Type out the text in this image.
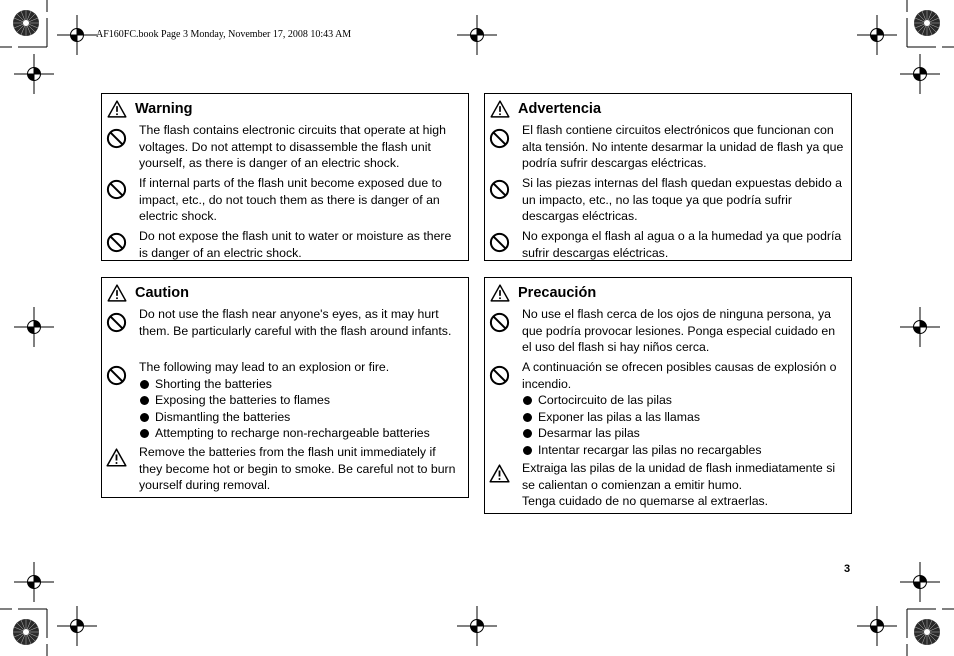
AF160FC.book Page 3 Monday, November 17, 2008 10:43 AM
Warning
The flash contains electronic circuits that operate at high voltages. Do not attempt to disassemble the flash unit yourself, as there is danger of an electric shock.
If internal parts of the flash unit become exposed due to impact, etc., do not touch them as there is danger of an electric shock.
Do not expose the flash unit to water or moisture as there is danger of an electric shock.
Advertencia
El flash contiene circuitos electrónicos que funcionan con alta tensión. No intente desarmar la unidad de flash ya que podría sufrir descargas eléctricas.
Si las piezas internas del flash quedan expuestas debido a un impacto, etc., no las toque ya que podría sufrir descargas eléctricas.
No exponga el flash al agua o a la humedad ya que podría sufrir descargas eléctricas.
Caution
Do not use the flash near anyone's eyes, as it may hurt them. Be particularly careful with the flash around infants.

The following may lead to an explosion or fire.

Shorting the batteries
Exposing the batteries to flames
Dismantling the batteries
Attempting to recharge non-rechargeable batteries
Remove the batteries from the flash unit immediately if they become hot or begin to smoke. Be careful not to burn yourself during removal.
Precaución
No use el flash cerca de los ojos de ninguna persona, ya que podría provocar lesiones. Ponga especial cuidado en el uso del flash si hay niños cerca.

A continuación se ofrecen posibles causas de explosión o incendio.

Cortocircuito de las pilas
Exponer las pilas a las llamas
Desarmar las pilas
Intentar recargar las pilas no recargables

Extraiga las pilas de la unidad de flash inmediatamente si se calientan o comienzan a emitir humo.

Tenga cuidado de no quemarse al extraerlas.

3
